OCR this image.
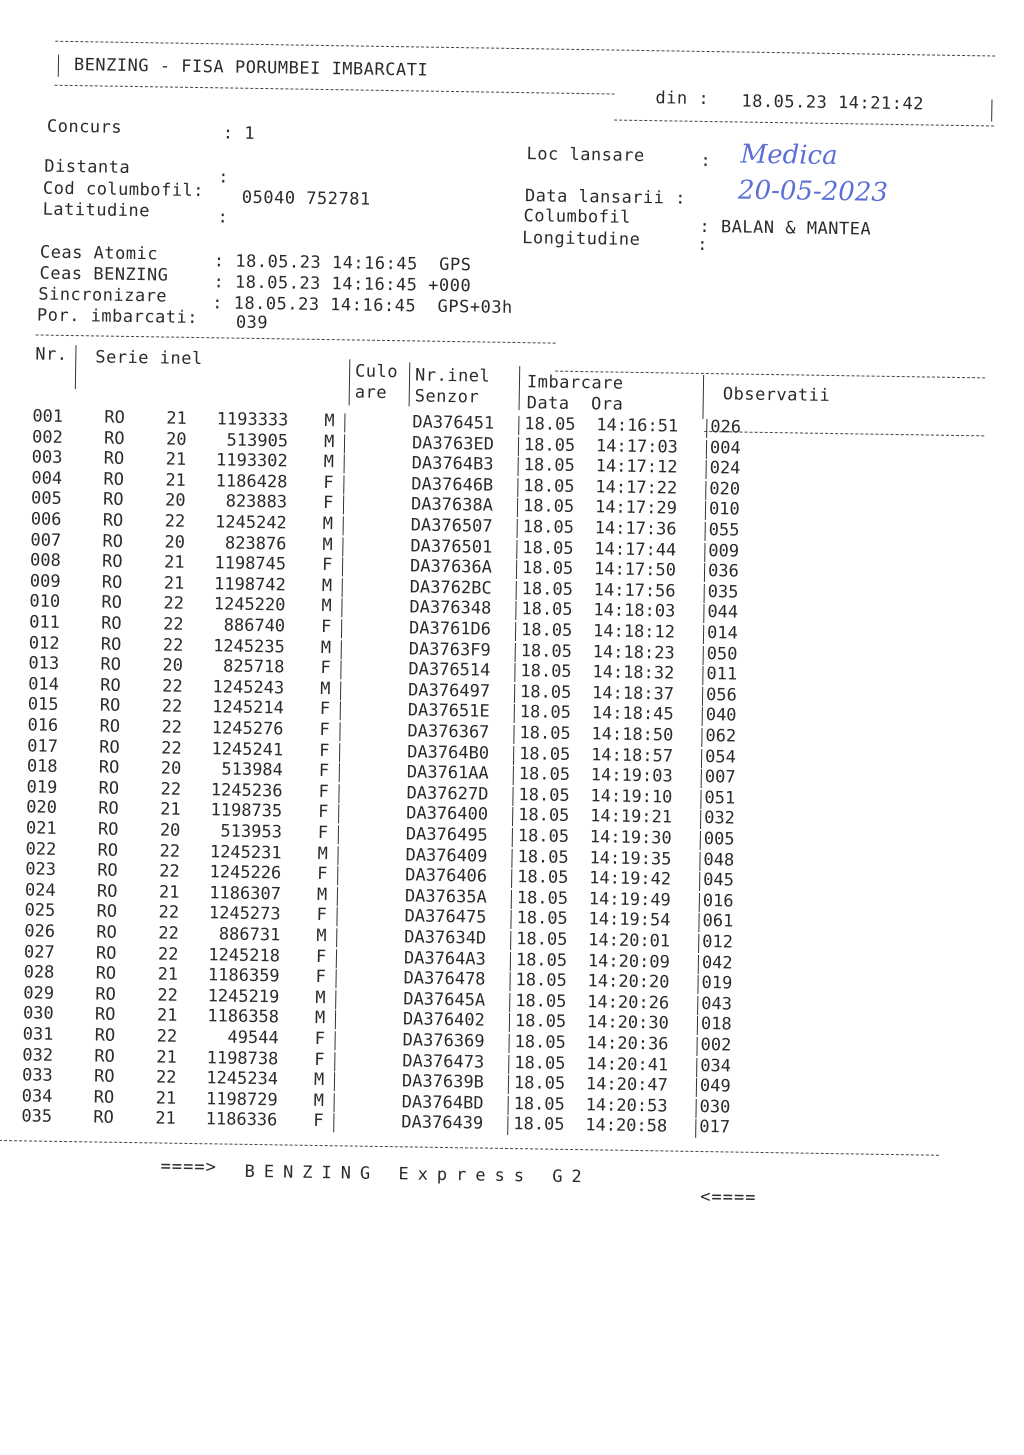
BENZING - FISA PORUMBEI IMBARCATI
din : 18.05.23 14:21:42
Concurs	: 1
Distanta	:
Cod columbofil: 05040 752781
Latitudine	:
Loc lansare	: Medica
Data lansarii : 20-05-2023
Columbofil	: BALAN & MANTEA
Longitudine	:
Ceas Atomic	: 18.05.23 14:16:45  GPS
Ceas BENZING	: 18.05.23 14:16:45 +000
Sincronizare	: 18.05.23 14:16:45  GPS+03h
Por. imbarcati: 039
Nr. Serie inel
Culo
are
Nr.inel
Senzor
Imbarcare
Data  Ora	Observatii
001 RO 21	1193333 M	DA376451 18.05 14:16:51 026
002 RO 20	513905 M	DA3763ED 18.05 14:17:03 004
003 RO 21	1193302 M	DA3764B3 18.05 14:17:12 024
004 RO 21	1186428 F	DA37646B 18.05 14:17:22 020
005 RO 20	823883 F	DA37638A 18.05 14:17:29 010
006 RO 22	1245242 M	DA376507 18.05 14:17:36 055
007 RO 20	823876 M	DA376501 18.05 14:17:44 009
008 RO 21	1198745 F	DA37636A 18.05 14:17:50 036
009 RO 21	1198742 M	DA3762BC 18.05 14:17:56 035
010 RO 22	1245220 M	DA376348 18.05 14:18:03 044
011 RO 22	886740 F	DA3761D6 18.05 14:18:12 014
012 RO 22	1245235 M	DA3763F9 18.05 14:18:23 050
013 RO 20	825718 F	DA376514 18.05 14:18:32 011
014 RO 22	1245243 M	DA376497 18.05 14:18:37 056
015 RO 22	1245214 F	DA37651E 18.05 14:18:45 040
016 RO 22	1245276 F	DA376367 18.05 14:18:50 062
017 RO 22	1245241 F	DA3764B0 18.05 14:18:57 054
018 RO 20	513984 F	DA3761AA 18.05 14:19:03 007
019 RO 22	1245236 F	DA37627D 18.05 14:19:10 051
020 RO 21	1198735 F	DA376400 18.05 14:19:21 032
021 RO 20	513953 F	DA376495 18.05 14:19:30 005
022 RO 22	1245231 M	DA376409 18.05 14:19:35 048
023 RO 22	1245226 F	DA376406 18.05 14:19:42 045
024 RO 21	1186307 M	DA37635A 18.05 14:19:49 016
025 RO 22	1245273 F	DA376475 18.05 14:19:54 061
026 RO 22	886731 M	DA37634D 18.05 14:20:01 012
027 RO 22	1245218 F	DA3764A3 18.05 14:20:09 042
028 RO 21	1186359 F	DA376478 18.05 14:20:20 019
029 RO 22	1245219 M	DA37645A 18.05 14:20:26 043
030 RO 21	1186358 M	DA376402 18.05 14:20:30 018
031 RO 22	49544 F	DA376369 18.05 14:20:36 002
032 RO 21	1198738 F	DA376473 18.05 14:20:41 034
033 RO 22	1245234 M	DA37639B 18.05 14:20:47 049
034 RO 21	1198729 M	DA3764BD 18.05 14:20:53 030
035 RO 21	1186336 F	DA376439 18.05 14:20:58 017
====> BENZING Express G2
<====
